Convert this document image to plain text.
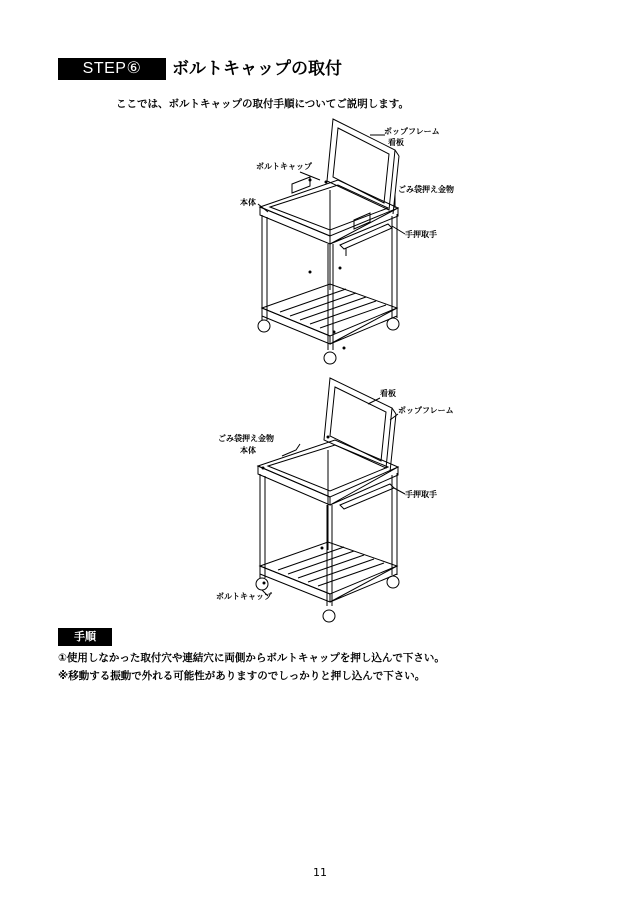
STEP⑥	ボルトキャップの取付
ここでは、ボルトキャップの取付手順についてご説明します。
ポップフレーム
看板
ボルトキャップ
ごみ袋押え金物
本体
手押取手
看板
ポップフレーム
ごみ袋押え金物
本体
手押取手
ボルトキャップ
手順
①使用しなかった取付穴や連結穴に両側からボルトキャップを押し込んで下さい。
※移動する振動で外れる可能性がありますのでしっかりと押し込んで下さい。
11
